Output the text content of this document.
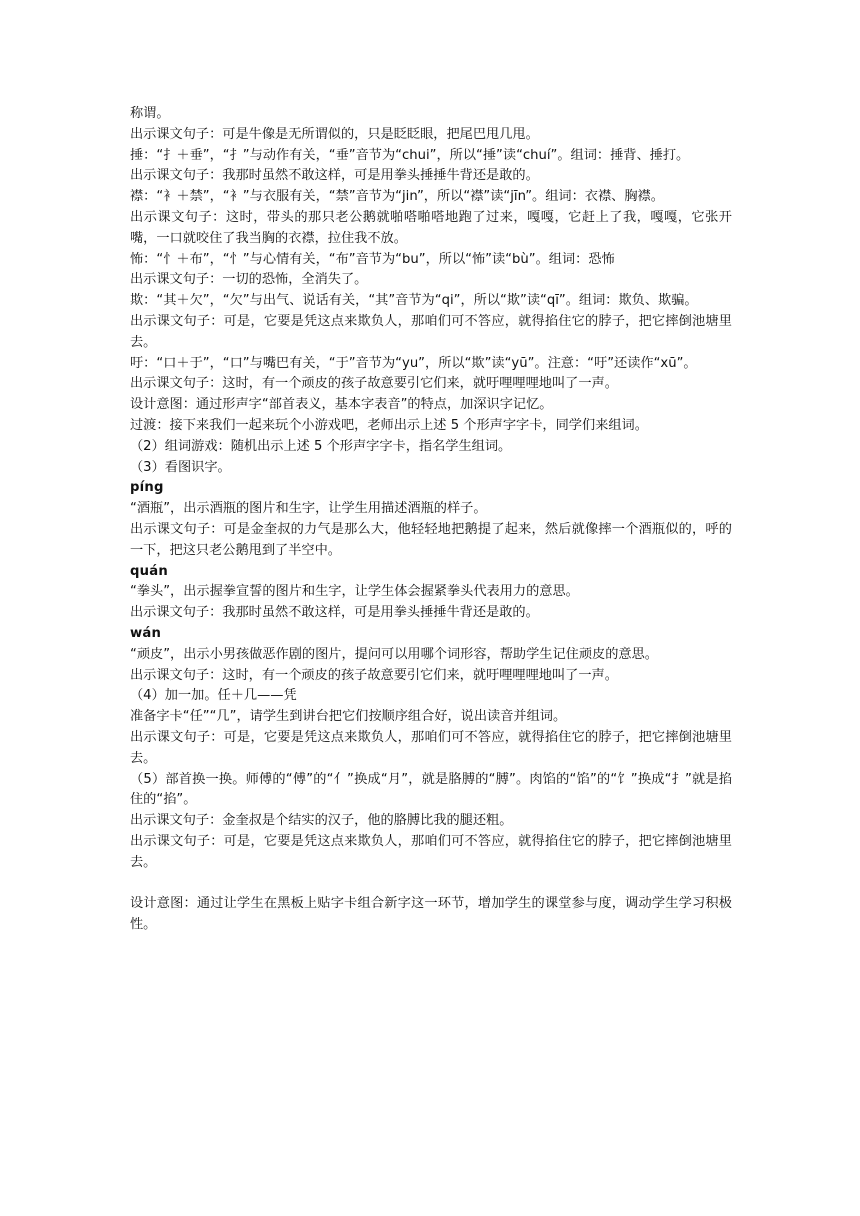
称谓。

出示课文句子：可是牛像是无所谓似的，只是眨眨眼，把尾巴甩几甩。

捶：“扌＋垂”，“扌”与动作有关，“垂”音节为“chui”，所以“捶”读“chuí”。组词：捶背、捶打。

出示课文句子：我那时虽然不敢这样，可是用拳头捶捶牛背还是敢的。

襟：“衤＋禁”，“衤”与衣服有关，“禁”音节为“jin”，所以“襟”读“jīn”。组词：衣襟、胸襟。

出示课文句子：这时，带头的那只老公鹅就啪嗒啪嗒地跑了过来，嘎嘎，它赶上了我，嘎嘎，它张开嘴，一口就咬住了我当胸的衣襟，拉住我不放。

怖：“忄＋布”，“忄”与心情有关，“布”音节为“bu”，所以“怖”读“bù”。组词：恐怖

出示课文句子：一切的恐怖，全消失了。

欺：“其＋欠”，“欠”与出气、说话有关，“其”音节为“qi”，所以“欺”读“qī”。组词：欺负、欺骗。

出示课文句子：可是，它要是凭这点来欺负人，那咱们可不答应，就得掐住它的脖子，把它摔倒池塘里去。

吁：“口＋于”，“口”与嘴巴有关，“于”音节为“yu”，所以“欺”读“yū”。注意：“吁”还读作“xū”。

出示课文句子：这时，有一个顽皮的孩子故意要引它们来，就吁哩哩哩地叫了一声。

设计意图：通过形声字“部首表义，基本字表音”的特点，加深识字记忆。

过渡：接下来我们一起来玩个小游戏吧，老师出示上述 5 个形声字字卡，同学们来组词。

（2）组词游戏：随机出示上述 5 个形声字字卡，指名学生组词。

（3）看图识字。

píng

“酒瓶”，出示酒瓶的图片和生字，让学生用描述酒瓶的样子。

出示课文句子：可是金奎叔的力气是那么大，他轻轻地把鹅提了起来，然后就像摔一个酒瓶似的，呼的一下，把这只老公鹅甩到了半空中。

quán

“拳头”，出示握拳宣誓的图片和生字，让学生体会握紧拳头代表用力的意思。

出示课文句子：我那时虽然不敢这样，可是用拳头捶捶牛背还是敢的。

wán

“顽皮”，出示小男孩做恶作剧的图片，提问可以用哪个词形容，帮助学生记住顽皮的意思。

出示课文句子：这时，有一个顽皮的孩子故意要引它们来，就吁哩哩哩地叫了一声。

（4）加一加。任＋几——凭

准备字卡“任”“几”，请学生到讲台把它们按顺序组合好，说出读音并组词。

出示课文句子：可是，它要是凭这点来欺负人，那咱们可不答应，就得掐住它的脖子，把它摔倒池塘里去。

（5）部首换一换。师傅的“傅”的“亻”换成“月”，就是胳膊的“膊”。肉馅的“馅”的“饣”换成“扌”就是掐住的“掐”。

出示课文句子：金奎叔是个结实的汉子，他的胳膊比我的腿还粗。

出示课文句子：可是，它要是凭这点来欺负人，那咱们可不答应，就得掐住它的脖子，把它摔倒池塘里去。

设计意图：通过让学生在黑板上贴字卡组合新字这一环节，增加学生的课堂参与度，调动学生学习积极性。
